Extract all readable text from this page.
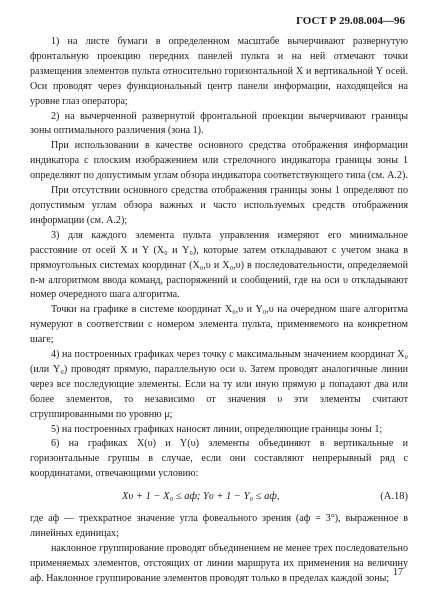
ГОСТ Р 29.08.004—96

1) на листе бумаги в определенном масштабе вычерчивают развернутую фронтальную проекцию передних панелей пульта и на ней отмечают точки размещения элементов пульта относительно горизонтальной X и вертикальной Y осей. Оси проводят через функциональный центр панели информации, находящейся на уровне глаз оператора;

2) на вычерченной развернутой фронтальной проекции вычерчивают границы зоны оптимального различения (зона 1).

При использовании в качестве основного средства отображения информации индикатора с плоским изображением или стрелочного индикатора границы зоны 1 определяют по допустимым углам обзора индикатора соответствующего типа (см. А.2).

При отсутствии основного средства отображения границы зоны 1 определяют по допустимым углам обзора важных и часто используемых средств отображения информации (см. А.2);

3) для каждого элемента пульта управления измеряют его минимальное расстояние от осей X и Y (X₀ и Y₀), которые затем откладывают с учетом знака в прямоугольных системах координат (X₀,υ и X₀,υ) в последовательности, определяемой n-м алгоритмом ввода команд, распоряжений и сообщений, где на оси υ откладывают номер очередного шага алгоритма.

Точки на графике в системе координат X₀,υ и Y₀,υ на очередном шаге алгоритма нумеруют в соответствии с номером элемента пульта, применяемого на конкретном шаге;

4) на построенных графиках через точку с максимальным значением координат X₀ (или Y₀) проводят прямую, параллельную оси υ. Затем проводят аналогичные линии через все последующие элементы. Если на ту или иную прямую μ попадают два или более элементов, то независимо от значения υ эти элементы считают сгруппированными по уровню μ;

5) на построенных графиках наносят линии, определяющие границы зоны 1;

6) на графиках X(υ) и Y(υ) элементы объединяют в вертикальные и горизонтальные группы в случае, если они составляют непрерывный ряд с координатами, отвечающими условию:

Xυ + 1 − X₀ ≤ aф; Yυ + 1 − Y₀ ≤ aф,	(A.18)

где aф — трехкратное значение угла фовеального зрения (aф = 3°), выраженное в линейных единицах;

наклонное группирование проводят объединением не менее трех последовательно применяемых элементов, отстоящих от линии маршрута их применения на величину aф. Наклонное группирование элементов проводят только в пределах каждой зоны;

17
